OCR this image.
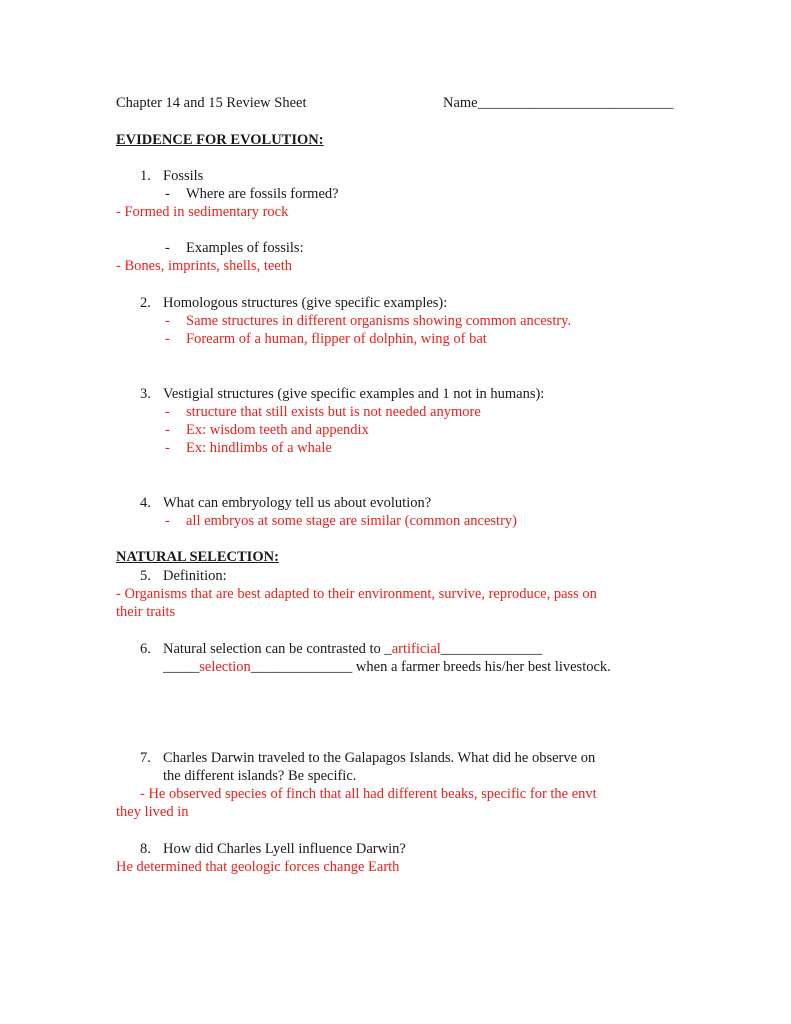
Chapter 14 and 15 Review Sheet	Name___________________________
EVIDENCE FOR EVOLUTION:
1. Fossils
- Where are fossils formed?
- Formed in sedimentary rock
- Examples of fossils:
- Bones, imprints, shells, teeth
2. Homologous structures (give specific examples):
- Same structures in different organisms showing common ancestry.
- Forearm of a human, flipper of dolphin, wing of bat
3. Vestigial structures (give specific examples and 1 not in humans):
- structure that still exists but is not needed anymore
- Ex: wisdom teeth and appendix
- Ex: hindlimbs of a whale
4. What can embryology tell us about evolution?
- all embryos at some stage are similar (common ancestry)
NATURAL SELECTION:
5. Definition:
- Organisms that are best adapted to their environment, survive, reproduce, pass on
their traits
6. Natural selection can be contrasted to _artificial______________
_____selection______________ when a farmer breeds his/her best livestock.
7. Charles Darwin traveled to the Galapagos Islands. What did he observe on
the different islands? Be specific.
- He observed species of finch that all had different beaks, specific for the envt
they lived in
8. How did Charles Lyell influence Darwin?
He determined that geologic forces change Earth
